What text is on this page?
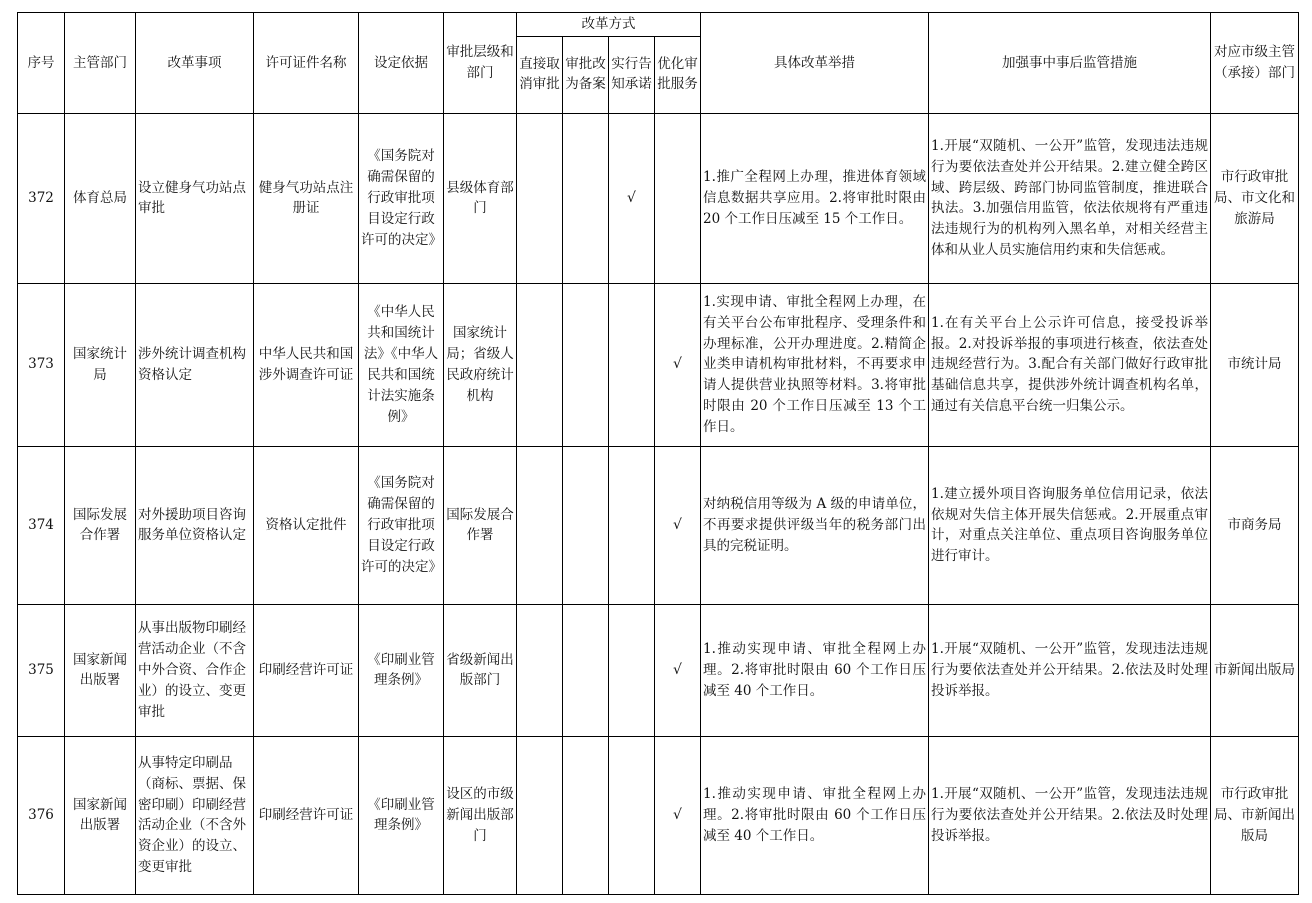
序号	主管部门	改革事项	许可证件名称	设定依据	审批层级和部门	改革方式				具体改革举措	加强事中事后监管措施	对应市级主管（承接）部门
						直接取消审批	审批改为备案	实行告知承诺	优化审批服务			
372	体育总局	设立健身气功站点审批	健身气功站点注册证	《国务院对确需保留的行政审批项目设定行政许可的决定》	县级体育部门			√		1.推广全程网上办理，推进体育领域信息数据共享应用。2.将审批时限由 20 个工作日压减至 15 个工作日。	1.开展“双随机、一公开”监管，发现违法违规行为要依法查处并公开结果。2.建立健全跨区域、跨层级、跨部门协同监管制度，推进联合执法。3.加强信用监管，依法依规将有严重违法违规行为的机构列入黑名单，对相关经营主体和从业人员实施信用约束和失信惩戒。	市行政审批局、市文化和旅游局
373	国家统计局	涉外统计调查机构资格认定	中华人民共和国涉外调查许可证	《中华人民共和国统计法》《中华人民共和国统计法实施条例》	国家统计局；省级人民政府统计机构				√	1.实现申请、审批全程网上办理，在有关平台公布审批程序、受理条件和办理标准，公开办理进度。2.精简企业类申请机构审批材料，不再要求申请人提供营业执照等材料。3.将审批时限由 20 个工作日压减至 13 个工作日。	1.在有关平台上公示许可信息，接受投诉举报。2.对投诉举报的事项进行核查，依法查处违规经营行为。3.配合有关部门做好行政审批基础信息共享，提供涉外统计调查机构名单，通过有关信息平台统一归集公示。	市统计局
374	国际发展合作署	对外援助项目咨询服务单位资格认定	资格认定批件	《国务院对确需保留的行政审批项目设定行政许可的决定》	国际发展合作署				√	对纳税信用等级为 A 级的申请单位，不再要求提供评级当年的税务部门出具的完税证明。	1.建立援外项目咨询服务单位信用记录，依法依规对失信主体开展失信惩戒。2.开展重点审计，对重点关注单位、重点项目咨询服务单位进行审计。	市商务局
375	国家新闻出版署	从事出版物印刷经营活动企业（不含中外合资、合作企业）的设立、变更审批	印刷经营许可证	《印刷业管理条例》	省级新闻出版部门				√	1.推动实现申请、审批全程网上办理。2.将审批时限由 60 个工作日压减至 40 个工作日。	1.开展“双随机、一公开”监管，发现违法违规行为要依法查处并公开结果。2.依法及时处理投诉举报。	市新闻出版局
376	国家新闻出版署	从事特定印刷品（商标、票据、保密印刷）印刷经营活动企业（不含外资企业）的设立、变更审批	印刷经营许可证	《印刷业管理条例》	设区的市级新闻出版部门				√	1.推动实现申请、审批全程网上办理。2.将审批时限由 60 个工作日压减至 40 个工作日。	1.开展“双随机、一公开”监管，发现违法违规行为要依法查处并公开结果。2.依法及时处理投诉举报。	市行政审批局、市新闻出版局
